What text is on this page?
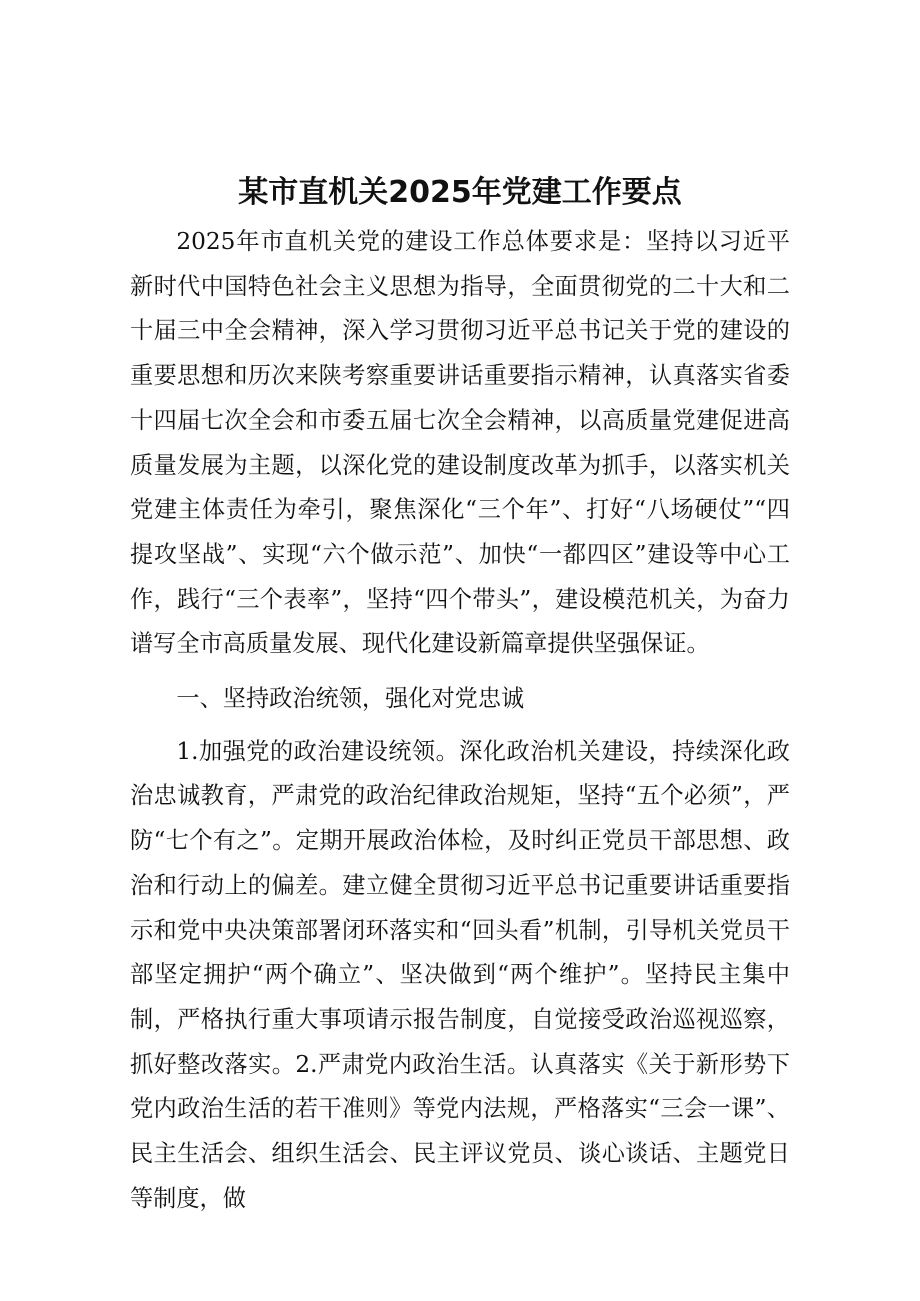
某市直机关2025年党建工作要点

2025年市直机关党的建设工作总体要求是：坚持以习近平新时代中国特色社会主义思想为指导，全面贯彻党的二十大和二十届三中全会精神，深入学习贯彻习近平总书记关于党的建设的重要思想和历次来陕考察重要讲话重要指示精神，认真落实省委十四届七次全会和市委五届七次全会精神，以高质量党建促进高质量发展为主题，以深化党的建设制度改革为抓手，以落实机关党建主体责任为牵引，聚焦深化“三个年”、打好“八场硬仗”“四提攻坚战”、实现“六个做示范”、加快“一都四区”建设等中心工作，践行“三个表率”，坚持“四个带头”，建设模范机关，为奋力谱写全市高质量发展、现代化建设新篇章提供坚强保证。

一、坚持政治统领，强化对党忠诚

1.加强党的政治建设统领。深化政治机关建设，持续深化政治忠诚教育，严肃党的政治纪律政治规矩，坚持“五个必须”，严防“七个有之”。定期开展政治体检，及时纠正党员干部思想、政治和行动上的偏差。建立健全贯彻习近平总书记重要讲话重要指示和党中央决策部署闭环落实和“回头看”机制，引导机关党员干部坚定拥护“两个确立”、坚决做到“两个维护”。坚持民主集中制，严格执行重大事项请示报告制度，自觉接受政治巡视巡察，抓好整改落实。2.严肃党内政治生活。认真落实《关于新形势下党内政治生活的若干准则》等党内法规，严格落实“三会一课”、民主生活会、组织生活会、民主评议党员、谈心谈话、主题党日等制度，做
